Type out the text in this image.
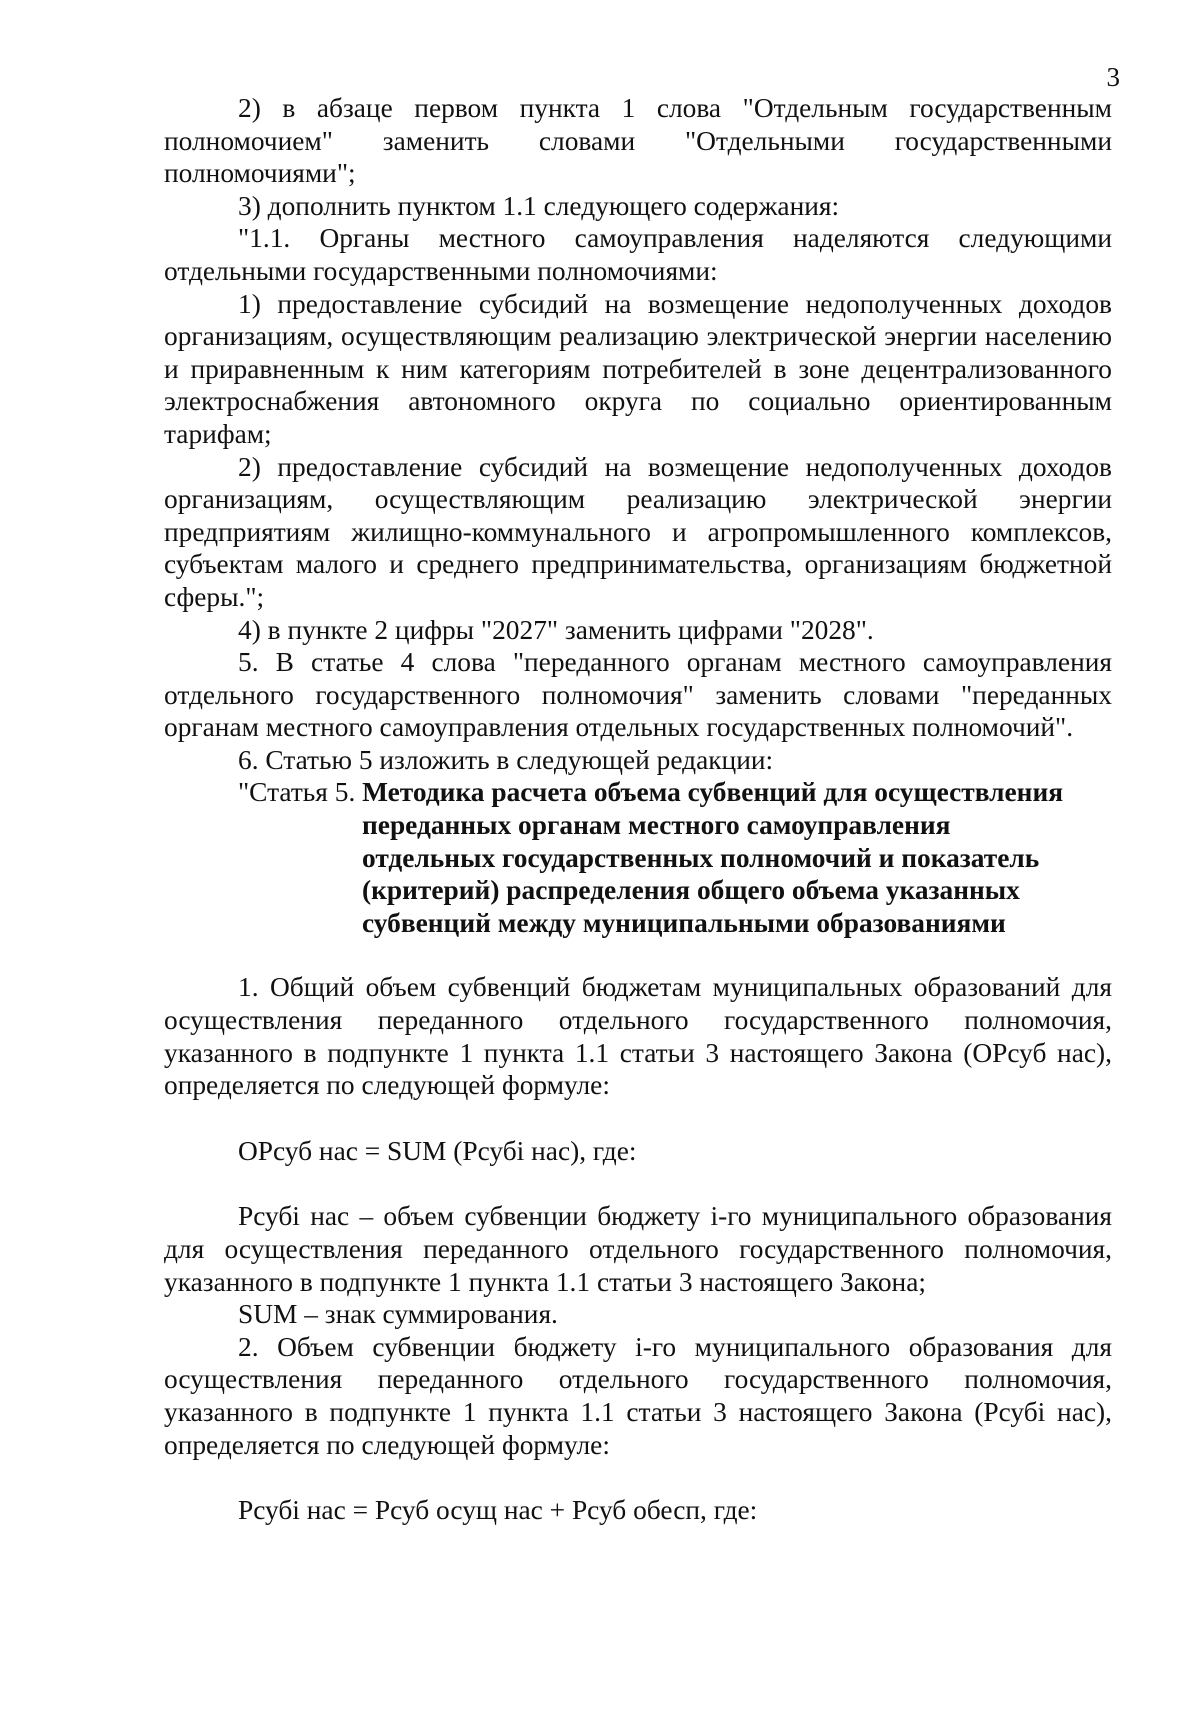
3

2) в абзаце первом пункта 1 слова "Отдельным государственным полномочием" заменить словами "Отдельными государственными полномочиями";

3) дополнить пунктом 1.1 следующего содержания:

"1.1. Органы местного самоуправления наделяются следующими отдельными государственными полномочиями:

1) предоставление субсидий на возмещение недополученных доходов организациям, осуществляющим реализацию электрической энергии населению и приравненным к ним категориям потребителей в зоне децентрализованного электроснабжения автономного округа по социально ориентированным тарифам;

2) предоставление субсидий на возмещение недополученных доходов организациям, осуществляющим реализацию электрической энергии предприятиям жилищно-коммунального и агропромышленного комплексов, субъектам малого и среднего предпринимательства, организациям бюджетной сферы.";

4) в пункте 2 цифры "2027" заменить цифрами "2028".

5. В статье 4 слова "переданного органам местного самоуправления отдельного государственного полномочия" заменить словами "переданных органам местного самоуправления отдельных государственных полномочий".

6. Статью 5 изложить в следующей редакции:

"Статья 5. Методика расчета объема субвенций для осуществления

переданных органам местного самоуправления
отдельных государственных полномочий и показатель
(критерий) распределения общего объема указанных
субвенций между муниципальными образованиями

1. Общий объем субвенций бюджетам муниципальных образований для осуществления переданного отдельного государственного полномочия, указанного в подпункте 1 пункта 1.1 статьи 3 настоящего Закона (ОРсуб нас), определяется по следующей формуле:

ОРсуб нас = SUM (Рсубi нас), где:

Рсубi нас – объем субвенции бюджету i-го муниципального образования для осуществления переданного отдельного государственного полномочия, указанного в подпункте 1 пункта 1.1 статьи 3 настоящего Закона;

SUM – знак суммирования.

2. Объем субвенции бюджету i-го муниципального образования для осуществления переданного отдельного государственного полномочия, указанного в подпункте 1 пункта 1.1 статьи 3 настоящего Закона (Рсубi нас), определяется по следующей формуле:

Рсубi нас = Рсуб осущ нас + Рсуб обесп, где:
